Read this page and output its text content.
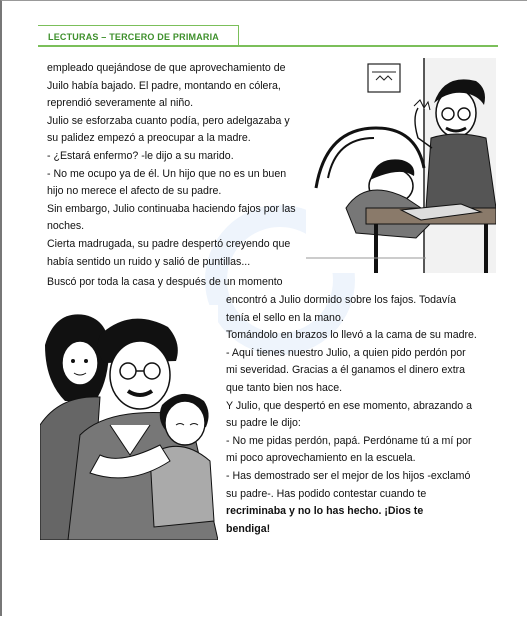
LECTURAS – TERCERO DE PRIMARIA

empleado quejándose de que aprovechamiento de

Juilo había bajado. El padre, montando en cólera,

reprendió severamente al niño.

Julio se esforzaba cuanto podía, pero adelgazaba y

su palidez empezó a preocupar a la madre.

- ¿Estará enfermo? -le dijo a su marido.

- No me ocupo ya de él. Un hijo que no es un buen

hijo no merece el afecto de su padre.

Sin embargo, Julio continuaba haciendo fajos por las

noches.

Cierta madrugada, su padre despertó creyendo que

había sentido un ruido y salió de puntillas...

Buscó por toda la casa y después de un momento

encontró a Julio dormido sobre los fajos. Todavía

tenía el sello en la mano.

Tomándolo en brazos lo llevó a la cama de su madre.

- Aquí tienes nuestro Julio, a quien pido perdón por

mi severidad. Gracias a él ganamos el dinero extra

que tanto bien nos hace.

Y Julio, que despertó en ese momento, abrazando a

su padre le dijo:

- No me pidas perdón, papá. Perdóname tú a mí por

mi poco aprovechamiento en la escuela.

- Has demostrado ser el mejor de los hijos -exclamó

su padre-. Has podido contestar cuando te

recriminaba y no lo has hecho. ¡Dios te

bendiga!
